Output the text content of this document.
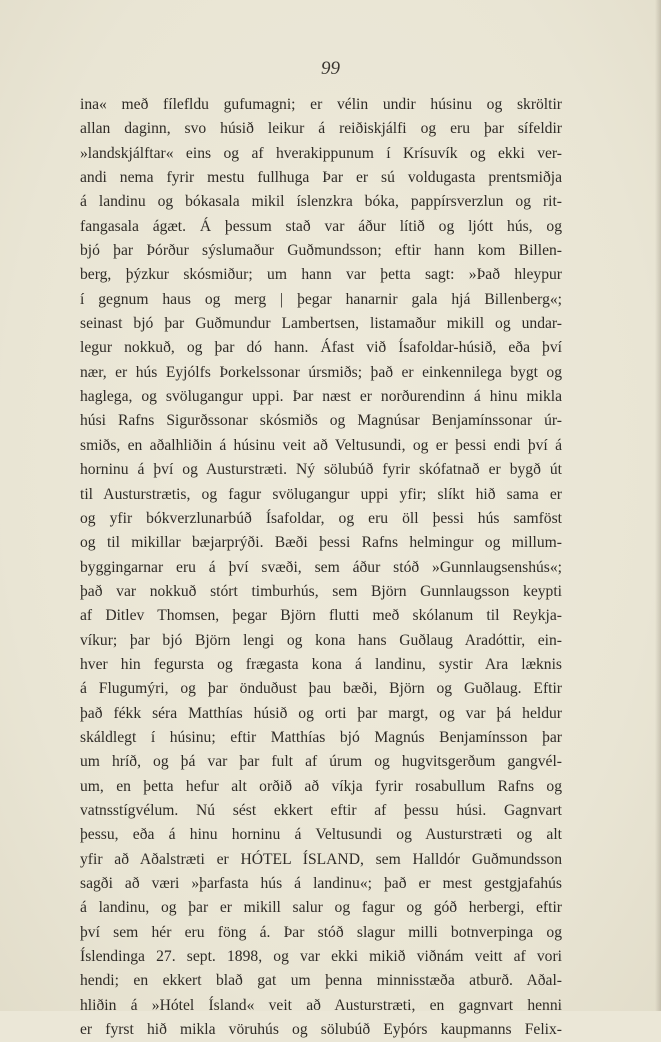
99
ina« með fílefldu gufumagni; er vélin undir húsinu og skröltir
allan daginn, svo húsið leikur á reiðiskjálfi og eru þar sífeldir
»landskjálftar« eins og af hverakippunum í Krísuvík og ekki ver-
andi nema fyrir mestu fullhuga Þar er sú voldugasta prentsmiðja
á landinu og bókasala mikil íslenzkra bóka, pappírsverzlun og rit-
fangasala ágæt. Á þessum stað var áður lítið og ljótt hús, og
bjó þar Þórður sýslumaður Guðmundsson; eftir hann kom Billen-
berg, þýzkur skósmiður; um hann var þetta sagt: »Það hleypur
í gegnum haus og merg | þegar hanarnir gala hjá Billenberg«;
seinast bjó þar Guðmundur Lambertsen, listamaður mikill og undar-
legur nokkuð, og þar dó hann. Áfast við Ísafoldar-húsið, eða því
nær, er hús Eyjólfs Þorkelssonar úrsmiðs; það er einkennilega bygt og
haglega, og svölugangur uppi. Þar næst er norðurendinn á hinu mikla
húsi Rafns Sigurðssonar skósmiðs og Magnúsar Benjamínssonar úr-
smiðs, en aðalhliðin á húsinu veit að Veltusundi, og er þessi endi því á
horninu á því og Austurstræti. Ný sölubúð fyrir skófatnað er bygð út
til Austurstrætis, og fagur svölugangur uppi yfir; slíkt hið sama er
og yfir bókverzlunarbúð Ísafoldar, og eru öll þessi hús samföst
og til mikillar bæjarprýði. Bæði þessi Rafns helmingur og millum-
byggingarnar eru á því svæði, sem áður stóð »Gunnlaugsenshús«;
það var nokkuð stórt timburhús, sem Björn Gunnlaugsson keypti
af Ditlev Thomsen, þegar Björn flutti með skólanum til Reykja-
víkur; þar bjó Björn lengi og kona hans Guðlaug Aradóttir, ein-
hver hin fegursta og frægasta kona á landinu, systir Ara læknis
á Flugumýri, og þar önduðust þau bæði, Björn og Guðlaug. Eftir
það fékk séra Matthías húsið og orti þar margt, og var þá heldur
skáldlegt í húsinu; eftir Matthías bjó Magnús Benjamínsson þar
um hríð, og þá var þar fult af úrum og hugvitsgerðum gangvél-
um, en þetta hefur alt orðið að víkja fyrir rosabullum Rafns og
vatnsstígvélum. Nú sést ekkert eftir af þessu húsi. Gagnvart
þessu, eða á hinu horninu á Veltusundi og Austurstræti og alt
yfir að Aðalstræti er HÓTEL ÍSLAND, sem Halldór Guðmundsson
sagði að væri »þarfasta hús á landinu«; það er mest gestgjafahús
á landinu, og þar er mikill salur og fagur og góð herbergi, eftir
því sem hér eru föng á. Þar stóð slagur milli botnverpinga og
Íslendinga 27. sept. 1898, og var ekki mikið viðnám veitt af vori
hendi; en ekkert blað gat um þenna minnisstæða atburð. Aðal-
hliðin á »Hótel Ísland« veit að Austurstræti, en gagnvart henni
er fyrst hið mikla vöruhús og sölubúð Eyþórs kaupmanns Felix-
